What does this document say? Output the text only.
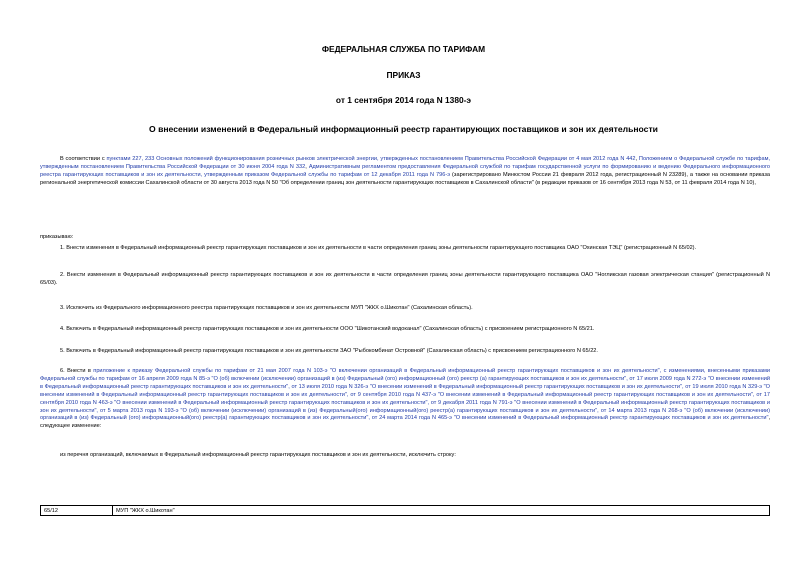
ФЕДЕРАЛЬНАЯ СЛУЖБА ПО ТАРИФАМ
ПРИКАЗ
от 1 сентября 2014 года N 1380-э
О внесении изменений в Федеральный информационный реестр гарантирующих поставщиков и зон их деятельности
В соответствии с пунктами 227, 233 Основных положений функционирования розничных рынков электрической энергии, утвержденных постановлением Правительства Российской Федерации от 4 мая 2012 года N 442, Положением о Федеральной службе по тарифам, утвержденным постановлением Правительства Российской Федерации от 30 июня 2004 года N 332, Административным регламентом предоставления Федеральной службой по тарифам государственной услуги по формированию и ведению Федерального информационного реестра гарантирующих поставщиков и зон их деятельности, утвержденным приказом Федеральной службы по тарифам от 12 декабря 2011 года N 796-э (зарегистрировано Минюстом России 21 февраля 2012 года, регистрационный N 23289), а также на основании приказа региональной энергетической комиссии Сахалинской области от 30 августа 2013 года N 50 "Об определении границ зон деятельности гарантирующих поставщиков в Сахалинской области" (в редакции приказов от 16 сентября 2013 года N 53, от 11 февраля 2014 года N 10),
приказываю:
1. Внести изменения в Федеральный информационный реестр гарантирующих поставщиков и зон их деятельности в части определения границ зоны деятельности гарантирующего поставщика ОАО "Охинская ТЭЦ" (регистрационный N 65/02).
2. Внести изменения в Федеральный информационный реестр гарантирующих поставщиков и зон их деятельности в части определения границ зоны деятельности гарантирующего поставщика ОАО "Ногликская газовая электрическая станция" (регистрационный N 65/03).
3. Исключить из Федерального информационного реестра гарантирующих поставщиков и зон их деятельности МУП "ЖКХ о.Шикотан" (Сахалинская область).
4. Включить в Федеральный информационный реестр гарантирующих поставщиков и зон их деятельности ООО "Шикотанский водоканал" (Сахалинская область) с присвоением регистрационного N 65/21.
5. Включить в Федеральный информационный реестр гарантирующих поставщиков и зон их деятельности ЗАО "Рыбокомбинат Островной" (Сахалинская область) с присвоением регистрационного N 65/22.
6. Внести в приложение к приказу Федеральной службы по тарифам от 21 мая 2007 года N 103-э "О включении организаций в Федеральный информационный реестр гарантирующих поставщиков и зон их деятельности", с изменениями, внесенными приказами Федеральной службы по тарифам от 16 апреля 2009 года N 85-э "О (об) включении (исключении) организаций в (из) Федеральный (ого) информационный (ого) реестр (а) гарантирующих поставщиков и зон их деятельности", от 17 июля 2009 года N 272-э "О внесении изменений в Федеральный информационный реестр гарантирующих поставщиков и зон их деятельности", от 13 июля 2010 года N 326-э "О внесении изменений в Федеральный информационный реестр гарантирующих поставщиков и зон их деятельности", от 19 июля 2010 года N 329-э "О внесении изменений в Федеральный информационный реестр гарантирующих поставщиков и зон их деятельности", от 9 сентября 2010 года N 437-э "О внесении изменений в Федеральный информационный реестр гарантирующих поставщиков и зон их деятельности", от 17 сентября 2010 года N 463-э "О внесении изменений в Федеральный информационный реестр гарантирующих поставщиков и зон их деятельности", от 9 декабря 2011 года N 791-э "О внесении изменений в Федеральный информационный реестр гарантирующих поставщиков и зон их деятельности", от 5 марта 2013 года N 193-э "О (об) включении (исключении) организаций в (из) Федеральный(ого) информационный(ого) реестр(а) гарантирующих поставщиков и зон их деятельности", от 14 марта 2013 года N 268-э "О (об) включении (исключении) организаций в (из) Федеральный (ого) информационный(ого) реестр(а) гарантирующих поставщиков и зон их деятельности", от 24 марта 2014 года N 465-э "О внесении изменений в Федеральный информационный реестр гарантирующих поставщиков и зон их деятельности", следующее изменение:
из перечня организаций, включаемых в Федеральный информационный реестр гарантирующих поставщиков и зон их деятельности, исключить строку:
65/12	МУП "ЖКХ о.Шикотан"
